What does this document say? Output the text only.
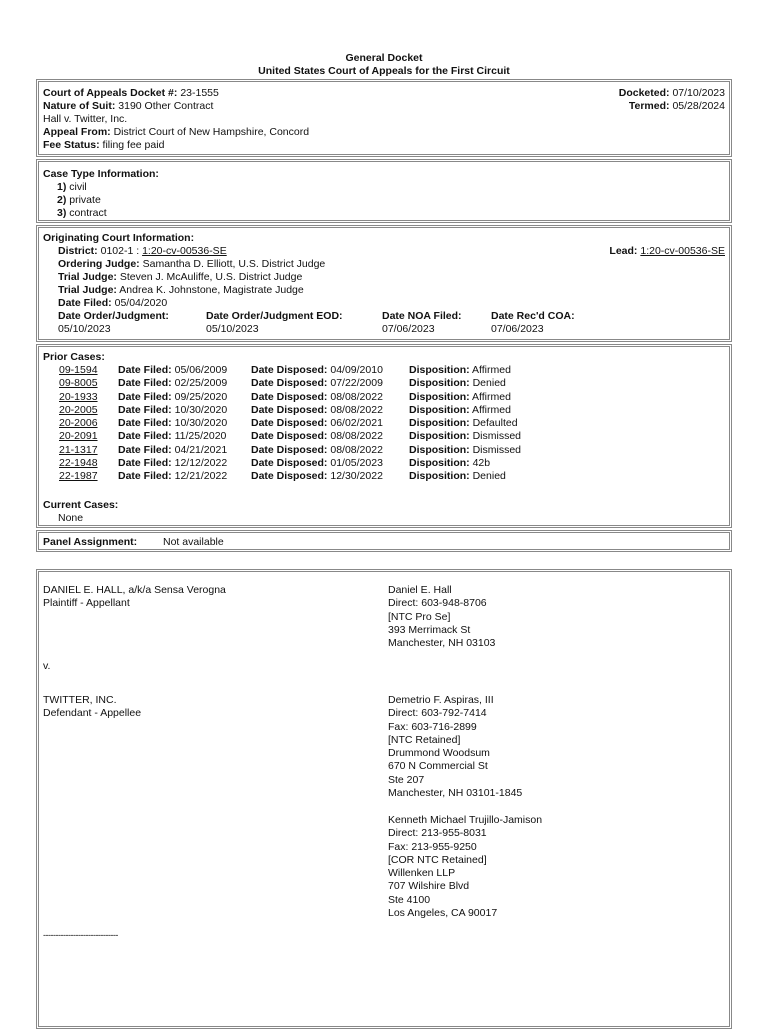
General Docket
United States Court of Appeals for the First Circuit
Court of Appeals Docket #: 23-1555
Nature of Suit: 3190 Other Contract
Hall v. Twitter, Inc.
Appeal From: District Court of New Hampshire, Concord
Fee Status: filing fee paid
Docketed: 07/10/2023
Termed: 05/28/2024
Case Type Information:
1) civil
2) private
3) contract
Originating Court Information:
District: 0102-1 : 1:20-cv-00536-SE	Lead: 1:20-cv-00536-SE
Ordering Judge: Samantha D. Elliott, U.S. District Judge
Trial Judge: Steven J. McAuliffe, U.S. District Judge
Trial Judge: Andrea K. Johnstone, Magistrate Judge
Date Filed: 05/04/2020
Date Order/Judgment:
05/10/2023
Date Order/Judgment EOD:
05/10/2023
Date NOA Filed:
07/06/2023
Date Rec'd COA:
07/06/2023
Prior Cases:
09-1594 Date Filed: 05/06/2009 Date Disposed: 04/09/2010 Disposition: Affirmed
09-8005 Date Filed: 02/25/2009 Date Disposed: 07/22/2009 Disposition: Denied
20-1933 Date Filed: 09/25/2020 Date Disposed: 08/08/2022 Disposition: Affirmed
20-2005 Date Filed: 10/30/2020 Date Disposed: 08/08/2022 Disposition: Affirmed
20-2006 Date Filed: 10/30/2020 Date Disposed: 06/02/2021 Disposition: Defaulted
20-2091 Date Filed: 11/25/2020 Date Disposed: 08/08/2022 Disposition: Dismissed
21-1317 Date Filed: 04/21/2021 Date Disposed: 08/08/2022 Disposition: Dismissed
22-1948 Date Filed: 12/12/2022 Date Disposed: 01/05/2023 Disposition: 42b
22-1987 Date Filed: 12/21/2022 Date Disposed: 12/30/2022 Disposition: Denied
Current Cases:
None
Panel Assignment: Not available
DANIEL E. HALL, a/k/a Sensa Verogna
Plaintiff - Appellant
Daniel E. Hall
Direct: 603-948-8706
[NTC Pro Se]
393 Merrimack St
Manchester, NH 03103
v.
TWITTER, INC.
Defendant - Appellee
Demetrio F. Aspiras, III
Direct: 603-792-7414
Fax: 603-716-2899
[NTC Retained]
Drummond Woodsum
670 N Commercial St
Ste 207
Manchester, NH 03101-1845
Kenneth Michael Trujillo-Jamison
Direct: 213-955-8031
Fax: 213-955-9250
[COR NTC Retained]
Willenken LLP
707 Wilshire Blvd
Ste 4100
Los Angeles, CA 90017
------------------------------
